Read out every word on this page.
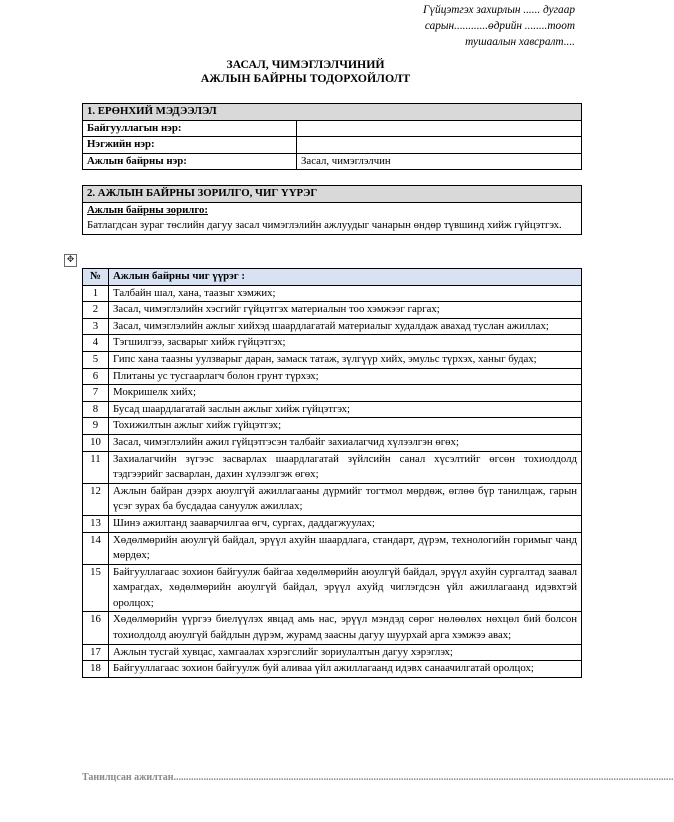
Гүйцэтгэх захирлын ...... дугаар
сарын............өдрийн ........тоот
тушаалын хавсралт....
ЗАСАЛ, ЧИМЭГЛЭЛЧИНИЙ
АЖЛЫН БАЙРНЫ ТОДОРХОЙЛОЛТ
1. ЕРӨНХИЙ МЭДЭЭЛЭЛ	
Байгууллагын нэр:	
Нэгжийн нэр:	
Ажлын байрны нэр:	Засал, чимэглэлчин
2. АЖЛЫН БАЙРНЫ ЗОРИЛГО, ЧИГ ҮҮРЭГ

Ажлын байрны зорилго:
Батлагдсан зураг төслийн дагуу засал чимэглэлийн ажлуудыг чанарын өндөр түвшинд хийж гүйцэтгэх.
✥
№	Ажлын байрны чиг үүрэг :
1	Талбайн шал, хана, таазыг хэмжих;
2	Засал, чимэглэлийн хэсгийг гүйцэтгэх материалын тоо хэмжээг гаргах;
3	Засал, чимэглэлийн ажлыг хийхэд шаардлагатай материалыг худалдаж авахад туслан ажиллах;
4	Тэгшилгээ, засварыг хийж гүйцэтгэх;
5	Гипс хана таазны уулзварыг даран, замаск татаж, зүлгүүр хийх, эмульс түрхэх, ханыг будах;
6	Плитаны ус тусгаарлагч болон грунт түрхэх;
7	Мокришелк хийх;
8	Бусад шаардлагатай заслын ажлыг хийж гүйцэтгэх;
9	Тохижилтын ажлыг хийж гүйцэтгэх;
10	Засал, чимэглэлийн ажил гүйцэтгэсэн талбайг захиалагчид хүлээлгэн өгөх;
11	Захиалагчийн зүгээс засварлах шаардлагатай зүйлсийн санал хүсэлтийг өгсөн тохиолдолд тэдгээрийг засварлан, дахин хүлээлгэж өгөх;
12	Ажлын байран дээрх аюулгүй ажиллагааны дүрмийг тогтмол мөрдөж, өглөө бүр танилцаж, гарын үсэг зурах ба бусдадаа сануулж ажиллах;
13	Шинэ ажилтанд зааварчилгаа өгч, сургах, даддагжуулах;
14	Хөдөлмөрийн аюулгүй байдал, эрүүл ахуйн шаардлага, стандарт, дүрэм, технологийн горимыг чанд мөрдөх;
15	Байгууллагаас зохион байгуулж байгаа хөдөлмөрийн аюулгүй байдал, эрүүл ахуйн сургалтад заавал хамрагдах, хөдөлмөрийн аюулгүй байдал, эрүүл ахуйд чиглэгдсэн үйл ажиллагаанд идэвхтэй оролцох;
16	Хөдөлмөрийн үүргээ биелүүлэх явцад амь нас, эрүүл мэндэд сөрөг нөлөөлөх нөхцөл бий болсон тохиолдолд аюулгүй байдлын дүрэм, журамд заасны дагуу шуурхай арга хэмжээ авах;
17	Ажлын тусгай хувцас, хамгаалах хэрэгслийг зориулалтын дагуу хэрэглэх;
18	Байгууллагаас зохион байгуулж буй аливаа үйл ажиллагаанд идэвх санаачилгатай оролцох;
Танилцсан ажилтан........................................................................................................................................................................................................
